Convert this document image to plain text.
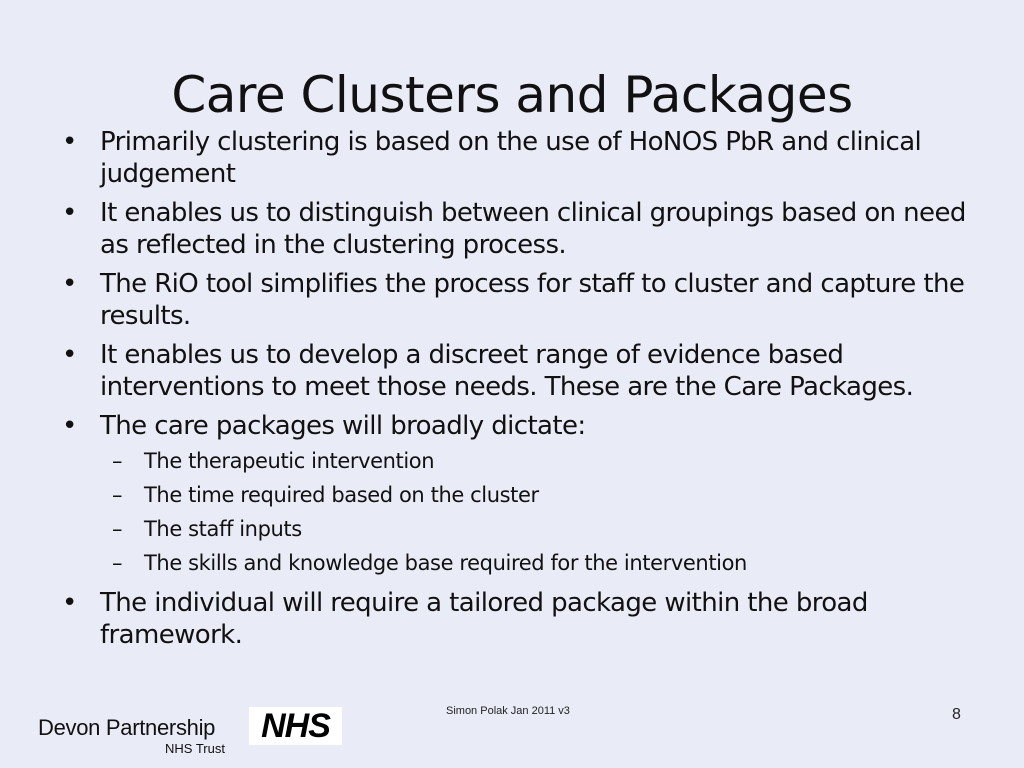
Care Clusters and Packages
• Primarily clustering is based on the use of HoNOS PbR and clinical judgement
• It enables us to distinguish between clinical groupings based on need as reflected in the clustering process.
• The RiO tool simplifies the process for staff to cluster and capture the results.
• It enables us to develop a discreet range of evidence based interventions to meet those needs. These are the Care Packages.
• The care packages will broadly dictate:
– The therapeutic intervention
– The time required based on the cluster
– The staff inputs
– The skills and knowledge base required for the intervention
• The individual will require a tailored package within the broad framework.
Simon Polak Jan 2011 v3	8
Devon Partnership NHS
NHS Trust
